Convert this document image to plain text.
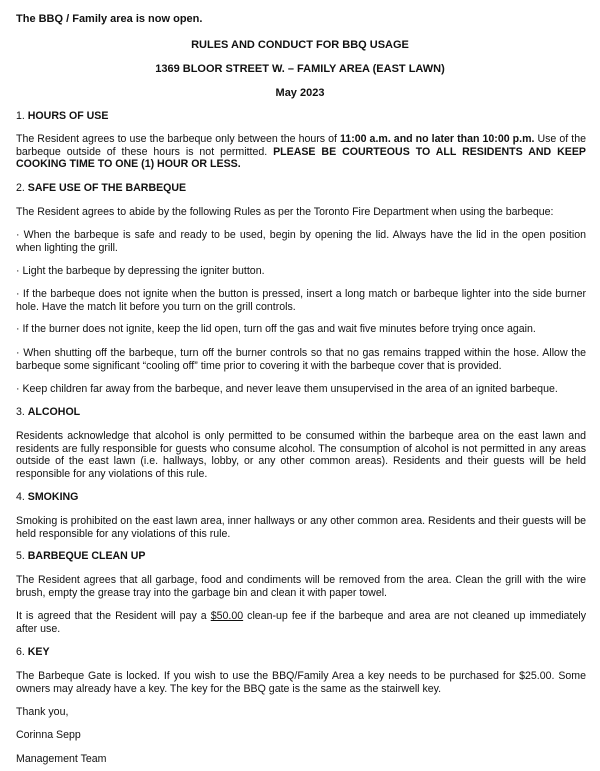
The BBQ / Family area is now open.
RULES AND CONDUCT FOR BBQ USAGE
1369 BLOOR STREET W. – FAMILY AREA (EAST LAWN)
May 2023
1. HOURS OF USE

The Resident agrees to use the barbeque only between the hours of 11:00 a.m. and no later than 10:00 p.m. Use of the barbeque outside of these hours is not permitted. PLEASE BE COURTEOUS TO ALL RESIDENTS AND KEEP COOKING TIME TO ONE (1) HOUR OR LESS.

2. SAFE USE OF THE BARBEQUE

The Resident agrees to abide by the following Rules as per the Toronto Fire Department when using the barbeque:

· When the barbeque is safe and ready to be used, begin by opening the lid. Always have the lid in the open position when lighting the grill.

· Light the barbeque by depressing the igniter button.

· If the barbeque does not ignite when the button is pressed, insert a long match or barbeque lighter into the side burner hole. Have the match lit before you turn on the grill controls.

· If the burner does not ignite, keep the lid open, turn off the gas and wait five minutes before trying once again.

· When shutting off the barbeque, turn off the burner controls so that no gas remains trapped within the hose. Allow the barbeque some significant “cooling off” time prior to covering it with the barbeque cover that is provided.

· Keep children far away from the barbeque, and never leave them unsupervised in the area of an ignited barbeque.

3. ALCOHOL

Residents acknowledge that alcohol is only permitted to be consumed within the barbeque area on the east lawn and residents are fully responsible for guests who consume alcohol. The consumption of alcohol is not permitted in any areas outside of the east lawn (i.e. hallways, lobby, or any other common areas). Residents and their guests will be held responsible for any violations of this rule.

4. SMOKING

Smoking is prohibited on the east lawn area, inner hallways or any other common area. Residents and their guests will be held responsible for any violations of this rule.

5. BARBEQUE CLEAN UP

The Resident agrees that all garbage, food and condiments will be removed from the area. Clean the grill with the wire brush, empty the grease tray into the garbage bin and clean it with paper towel.

It is agreed that the Resident will pay a $50.00 clean-up fee if the barbeque and area are not cleaned up immediately after use.

6. KEY

The Barbeque Gate is locked. If you wish to use the BBQ/Family Area a key needs to be purchased for $25.00. Some owners may already have a key. The key for the BBQ gate is the same as the stairwell key.

Thank you,
Corinna Sepp
Management Team
